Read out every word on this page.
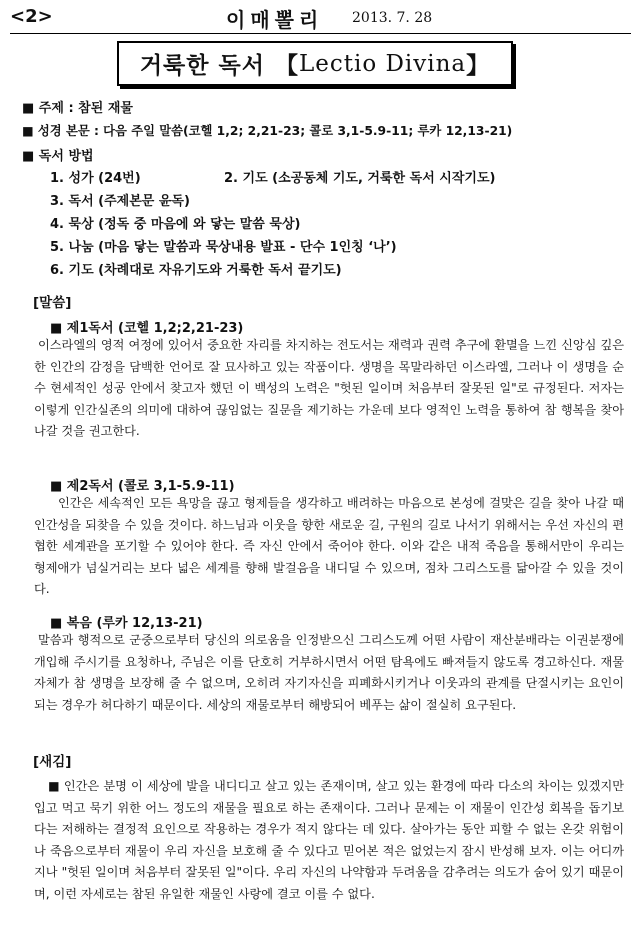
<2>	이매뽈리 2013. 7. 28
거룩한 독서 【 Lectio Divina 】
■ 주제 : 참된 재물
■ 성경 본문 : 다음 주일 말씀(코헬 1,2; 2,21-23; 콜로 3,1-5.9-11; 루카 12,13-21)
■ 독서 방법
1. 성가 (24번)	2. 기도 (소공동체 기도, 거룩한 독서 시작기도)
3. 독서 (주제본문 윤독)
4. 묵상 (정독 중 마음에 와 닿는 말씀 묵상)
5. 나눔 (마음 닿는 말씀과 묵상내용 발표 - 단수 1인칭 ‘나’)
6. 기도 (차례대로 자유기도와 거룩한 독서 끝기도)
[말씀]
■ 제1독서 (코헬 1,2;2,21-23)
이스라엘의 영적 여정에 있어서 중요한 자리를 차지하는 전도서는 재력과 권력 추구에 환멸을 느낀 신앙심 깊은 한 인간의 감정을 담백한 언어로 잘 묘사하고 있는 작품이다. 생명을 목말라하던 이스라엘, 그러나 이 생명을 순수 현세적인 성공 안에서 찾고자 했던 이 백성의 노력은 "헛된 일이며 처음부터 잘못된 일"로 규정된다. 저자는 이렇게 인간실존의 의미에 대하여 끊임없는 질문을 제기하는 가운데 보다 영적인 노력을 통하여 참 행복을 찾아나갈 것을 권고한다.
■ 제2독서 (콜로 3,1-5.9-11)
인간은 세속적인 모든 욕망을 끊고 형제들을 생각하고 배려하는 마음으로 본성에 걸맞은 길을 찾아 나갈 때 인간성을 되찾을 수 있을 것이다. 하느님과 이웃을 향한 새로운 길, 구원의 길로 나서기 위해서는 우선 자신의 편협한 세계관을 포기할 수 있어야 한다. 즉 자신 안에서 죽어야 한다. 이와 같은 내적 죽음을 통해서만이 우리는 형제애가 넘실거리는 보다 넓은 세계를 향해 발걸음을 내디딜 수 있으며, 점차 그리스도를 닮아갈 수 있을 것이다.
■ 복음 (루카 12,13-21)
말씀과 행적으로 군중으로부터 당신의 의로움을 인정받으신 그리스도께 어떤 사람이 재산분배라는 이권분쟁에 개입해 주시기를 요청하나, 주님은 이를 단호히 거부하시면서 어떤 탐욕에도 빠져들지 않도록 경고하신다. 재물 자체가 참 생명을 보장해 줄 수 없으며, 오히려 자기자신을 피폐화시키거나 이웃과의 관계를 단절시키는 요인이 되는 경우가 허다하기 때문이다. 세상의 재물로부터 해방되어 베푸는 삶이 절실히 요구된다.
[새김]
■ 인간은 분명 이 세상에 발을 내디디고 살고 있는 존재이며, 살고 있는 환경에 따라 다소의 차이는 있겠지만 입고 먹고 묵기 위한 어느 정도의 재물을 필요로 하는 존재이다. 그러나 문제는 이 재물이 인간성 회복을 돕기보다는 저해하는 결정적 요인으로 작용하는 경우가 적지 않다는 데 있다. 살아가는 동안 피할 수 없는 온갖 위험이나 죽음으로부터 재물이 우리 자신을 보호해 줄 수 있다고 믿어본 적은 없었는지 잠시 반성해 보자. 이는 어디까지나 "헛된 일이며 처음부터 잘못된 일"이다. 우리 자신의 나약함과 두려움을 감추려는 의도가 숨어 있기 때문이며, 이런 자세로는 참된 유일한 재물인 사랑에 결코 이를 수 없다.
